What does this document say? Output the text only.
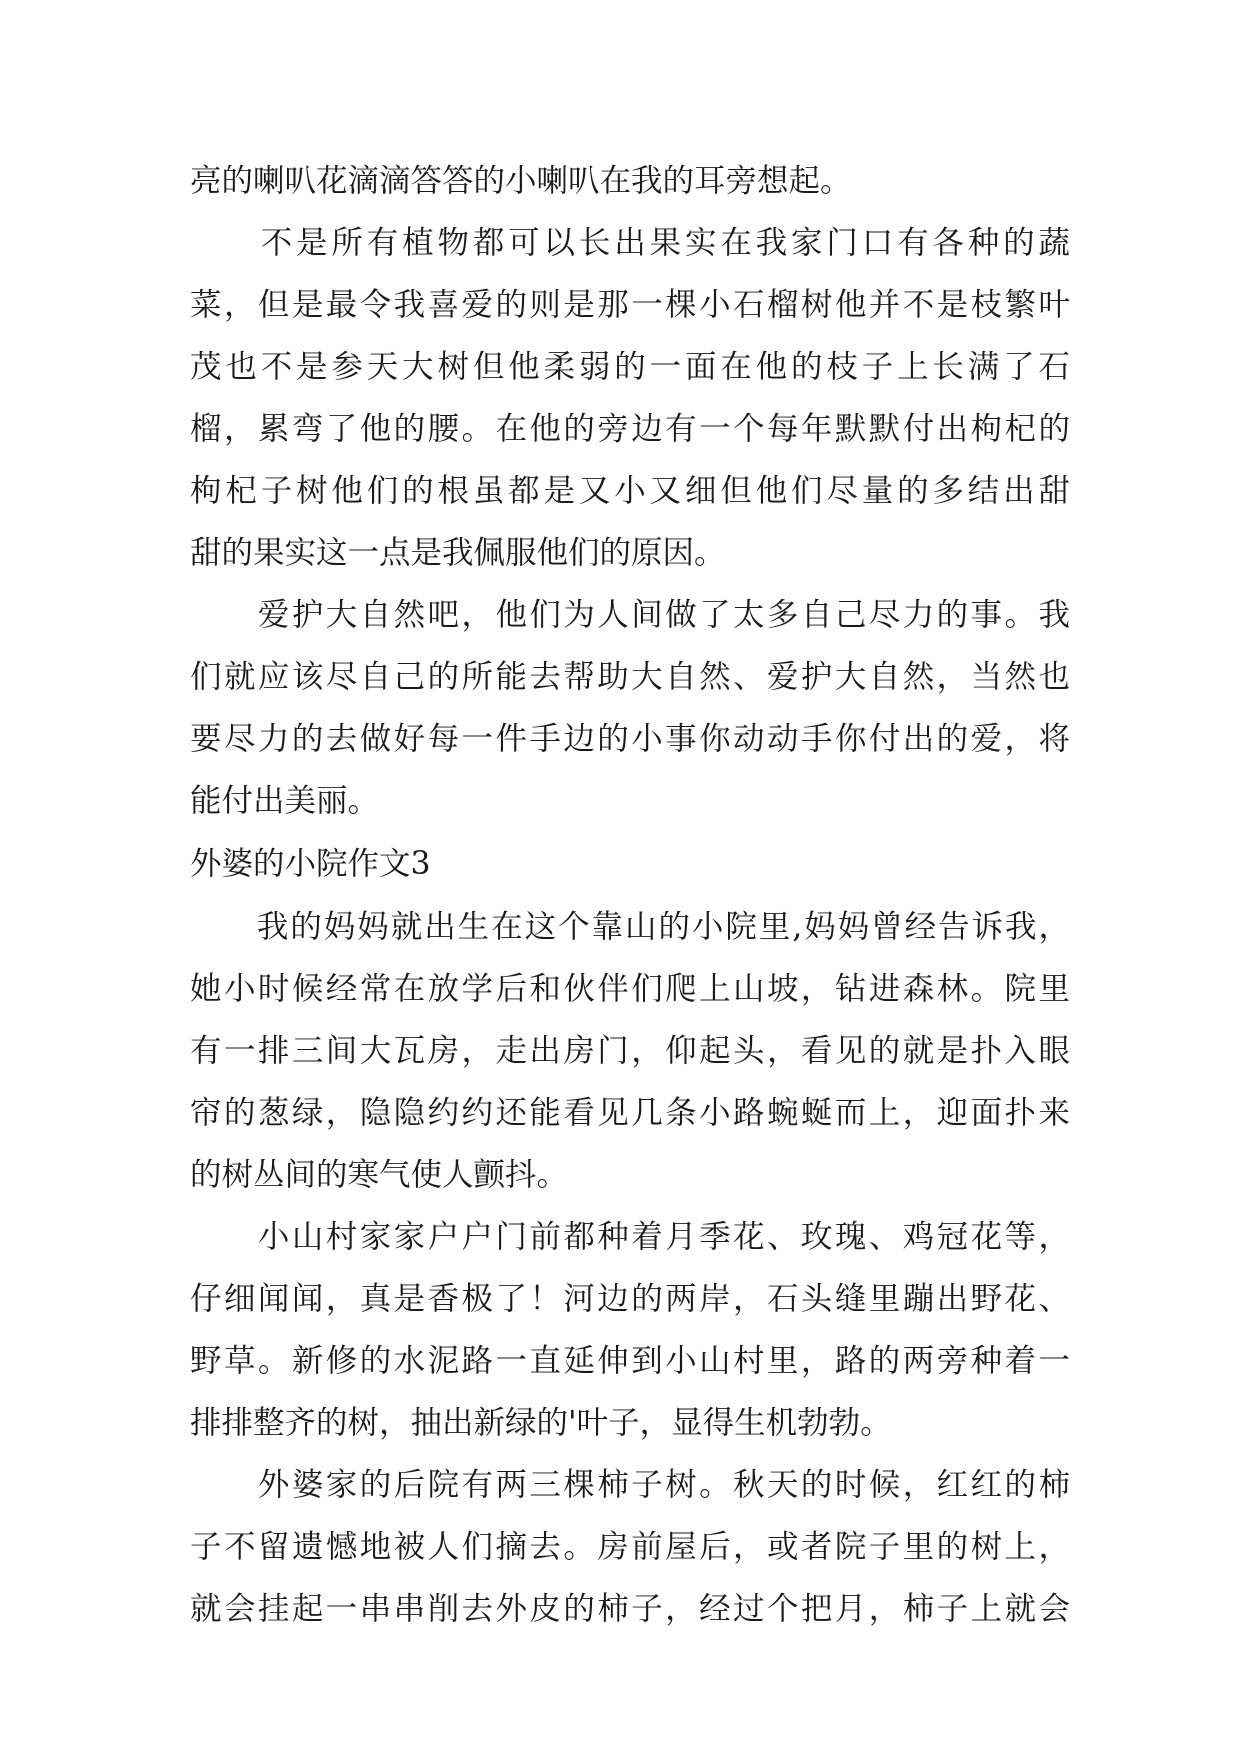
亮的喇叭花滴滴答答的小喇叭在我的耳旁想起。
　　不是所有植物都可以长出果实在我家门口有各种的蔬
菜，但是最令我喜爱的则是那一棵小石榴树他并不是枝繁叶
茂也不是参天大树但他柔弱的一面在他的枝子上长满了石
榴，累弯了他的腰。在他的旁边有一个每年默默付出枸杞的
枸杞子树他们的根虽都是又小又细但他们尽量的多结出甜
甜的果实这一点是我佩服他们的原因。
　　爱护大自然吧，他们为人间做了太多自己尽力的事。我
们就应该尽自己的所能去帮助大自然、爱护大自然，当然也
要尽力的去做好每一件手边的小事你动动手你付出的爱，将
能付出美丽。
外婆的小院作文3
　　我的妈妈就出生在这个靠山的小院里,妈妈曾经告诉我，
她小时候经常在放学后和伙伴们爬上山坡，钻进森林。院里
有一排三间大瓦房，走出房门，仰起头，看见的就是扑入眼
帘的葱绿，隐隐约约还能看见几条小路蜿蜒而上，迎面扑来
的树丛间的寒气使人颤抖。
　　小山村家家户户门前都种着月季花、玫瑰、鸡冠花等，
仔细闻闻，真是香极了！河边的两岸，石头缝里蹦出野花、
野草。新修的水泥路一直延伸到小山村里，路的两旁种着一
排排整齐的树，抽出新绿的'叶子，显得生机勃勃。
　　外婆家的后院有两三棵柿子树。秋天的时候，红红的柿
子不留遗憾地被人们摘去。房前屋后，或者院子里的树上，
就会挂起一串串削去外皮的柿子，经过个把月，柿子上就会
